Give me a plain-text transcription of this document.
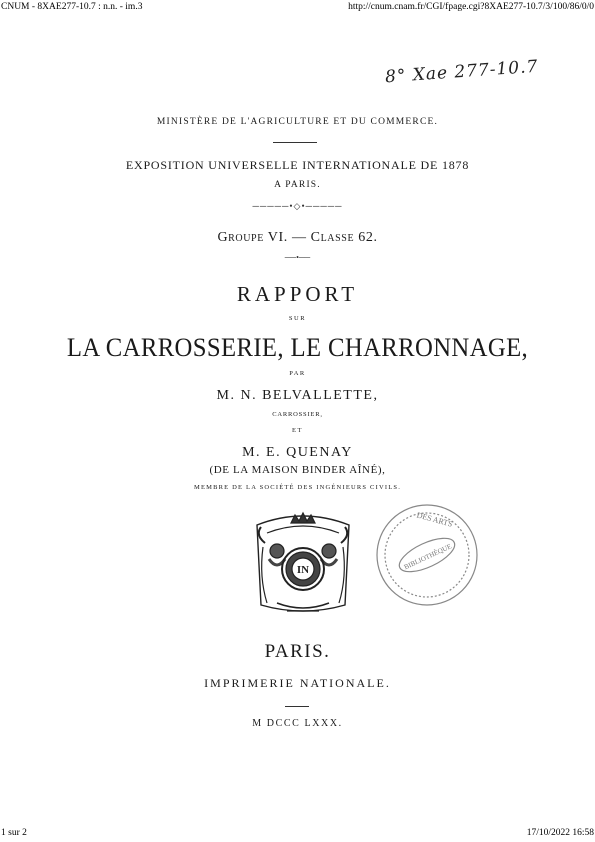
CNUM - 8XAE277-10.7 : n.n. - im.3	http://cnum.cnam.fr/CGI/fpage.cgi?8XAE277-10.7/3/100/86/0/0
1 sur 2	17/10/2022 16:58
8° Xae 277-10.7
MINISTÈRE DE L'AGRICULTURE ET DU COMMERCE.
EXPOSITION UNIVERSELLE INTERNATIONALE DE 1878
A PARIS.
─────•◇•─────
Groupe VI. — Classe 62.
──•──
RAPPORT
SUR
LA CARROSSERIE, LE CHARRONNAGE,
PAR
M. N. BELVALLETTE,
CARROSSIER,
ET
M. E. QUENAY
(DE LA MAISON BINDER AÎNÉ),
MEMBRE DE LA SOCIÉTÉ DES INGÉNIEURS CIVILS.
IN
DES ARTS
BIBLIOTHÈQUE
PARIS.
IMPRIMERIE NATIONALE.
M DCCC LXXX.
